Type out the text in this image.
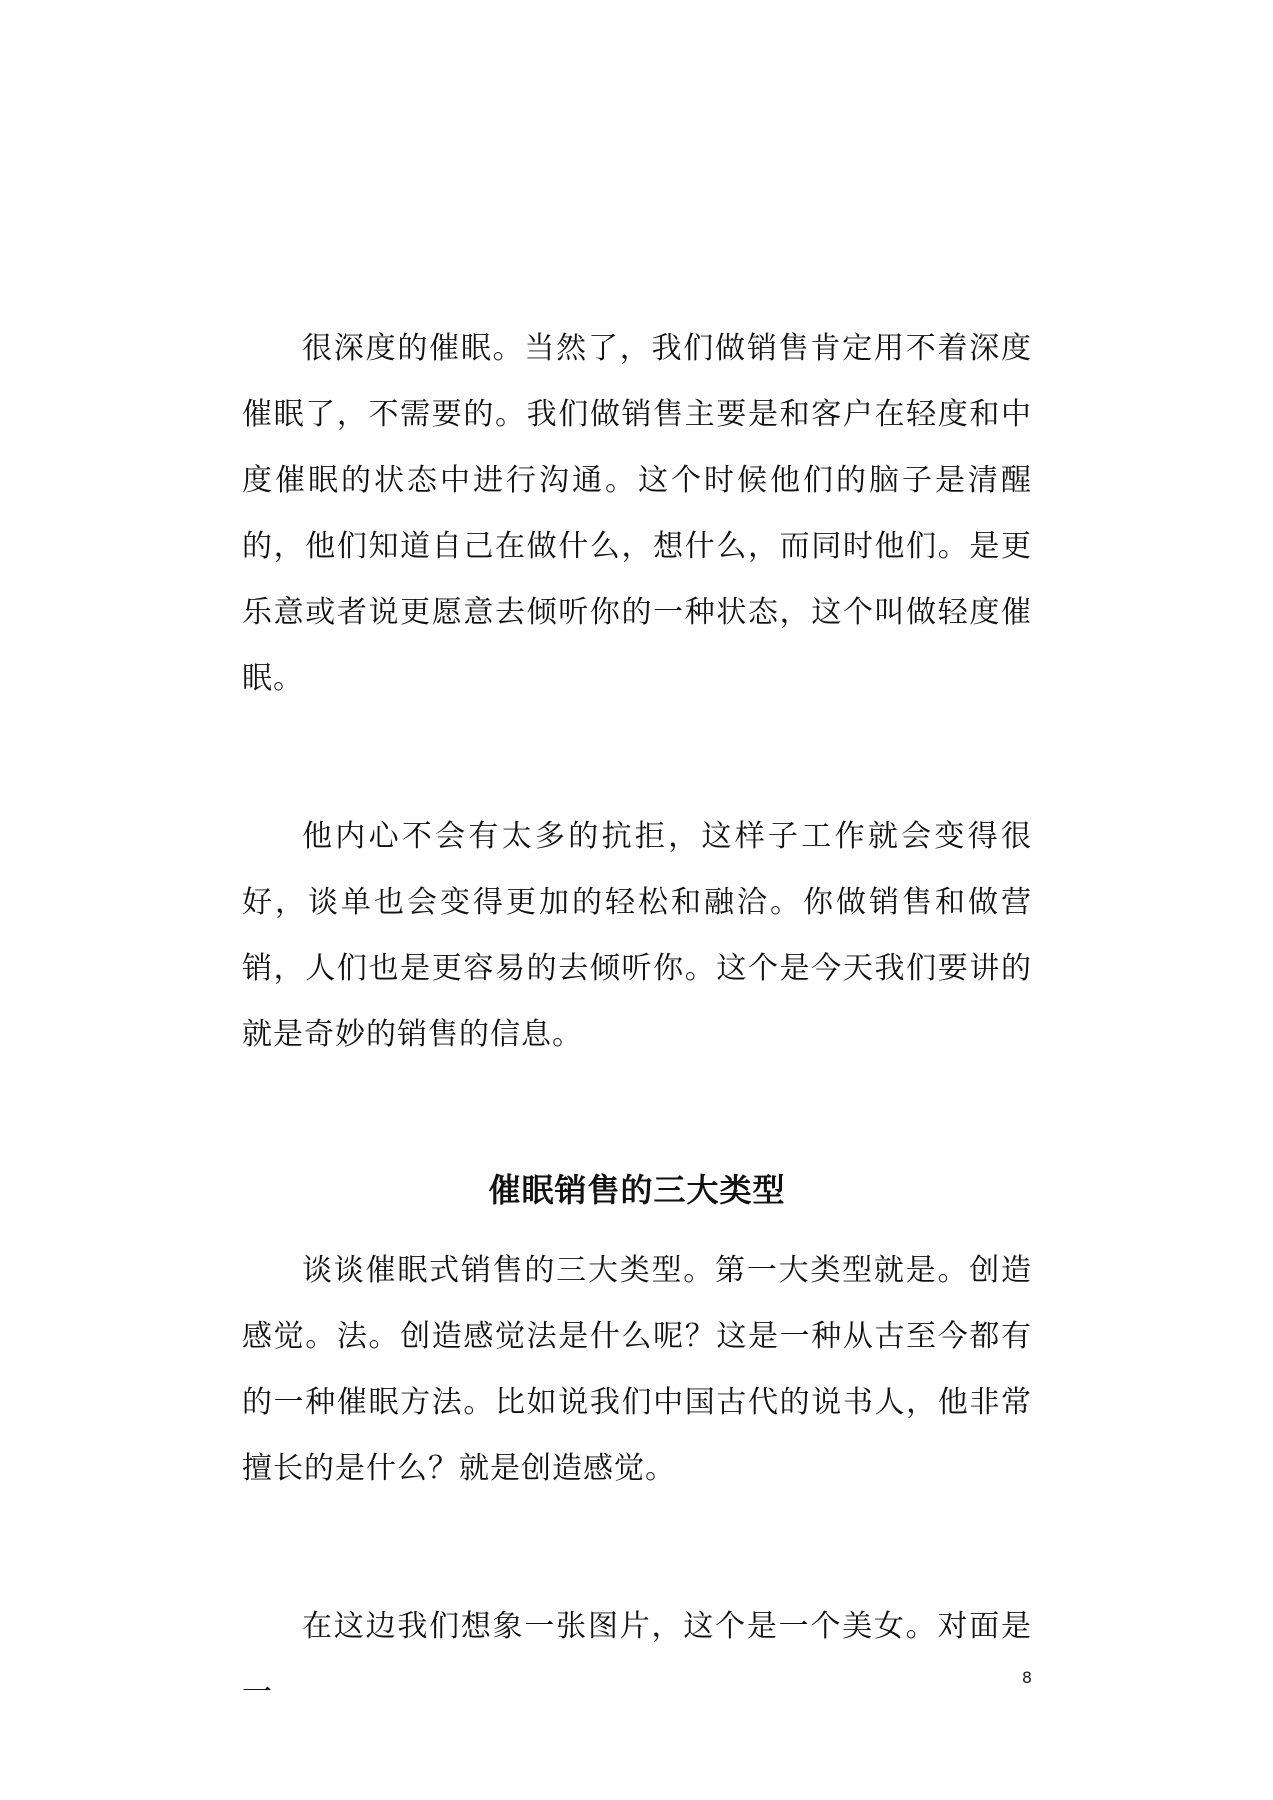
很深度的催眠。当然了，我们做销售肯定用不着深度催眠了，不需要的。我们做销售主要是和客户在轻度和中度催眠的状态中进行沟通。这个时候他们的脑子是清醒的，他们知道自己在做什么，想什么，而同时他们。是更乐意或者说更愿意去倾听你的一种状态，这个叫做轻度催眠。

他内心不会有太多的抗拒，这样子工作就会变得很好，谈单也会变得更加的轻松和融洽。你做销售和做营销，人们也是更容易的去倾听你。这个是今天我们要讲的就是奇妙的销售的信息。

催眠销售的三大类型

谈谈催眠式销售的三大类型。第一大类型就是。创造感觉。法。创造感觉法是什么呢？这是一种从古至今都有的一种催眠方法。比如说我们中国古代的说书人，他非常擅长的是什么？就是创造感觉。

在这边我们想象一张图片，这个是一个美女。对面是一	8
